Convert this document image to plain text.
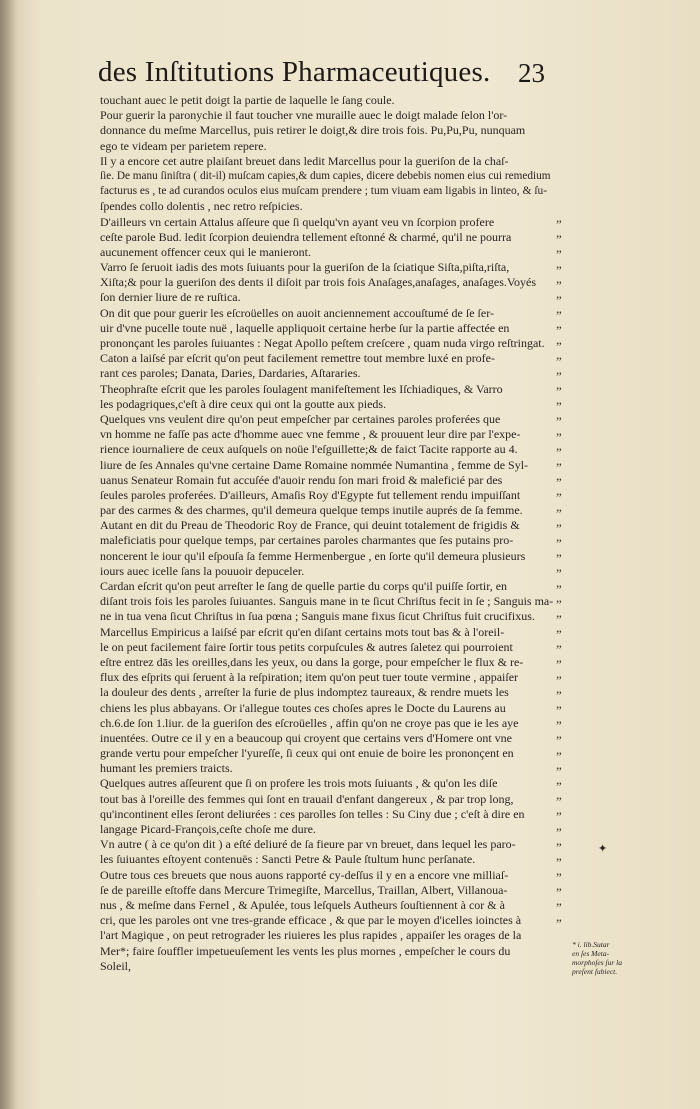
des Inſtitutions Pharmaceutiques. 23
touchant auec le petit doigt la partie de laquelle le ſang coule.
Pour guerir la paronychie il faut toucher vne muraille auec le doigt malade ſelon l'or-
donnance du meſme Marcellus, puis retirer le doigt,& dire trois fois. Pu,Pu,Pu, nunquam
ego te videam per parietem repere.
Il y a encore cet autre plaiſant breuet dans ledit Marcellus pour la gueriſon de la chaſ-
ſie. De manu ſiniſtra ( dit-il) muſcam capies,& dum capies, dicere debebis nomen eius cui remedium
facturus es , te ad curandos oculos eius muſcam prendere ; tum viuam eam ligabis in linteo, & ſu-
ſpendes collo dolentis , nec retro reſpicies.
D'ailleurs vn certain Attalus aſſeure que ſi quelqu'vn ayant veu vn ſcorpion profere
ceſte parole Bud. ledit ſcorpion deuiendra tellement eſtonné & charmé, qu'il ne pourra
aucunement offencer ceux qui le manieront.
Varro ſe ſeruoit iadis des mots ſuiuants pour la gueriſon de la ſciatique Siſta,piſta,riſta,
Xiſta;& pour la gueriſon des dents il diſoit par trois fois Anaſages,anaſages, anaſages.Voyés
ſon dernier liure de re ruſtica.
On dit que pour guerir les eſcroüelles on auoit anciennement accouſtumé de ſe ſer-
uir d'vne pucelle toute nuë , laquelle appliquoit certaine herbe ſur la partie affectée en
prononçant les paroles ſuiuantes : Negat Apollo peſtem creſcere , quam nuda virgo reſtringat.
Caton a laiſsé par eſcrit qu'on peut facilement remettre tout membre luxé en profe-
rant ces paroles; Danata, Daries, Dardaries, Aſtararies.
Theophraſte eſcrit que les paroles ſoulagent manifeſtement les Iſchiadiques, & Varro
les podagriques,c'eſt à dire ceux qui ont la goutte aux pieds.
Quelques vns veulent dire qu'on peut empeſcher par certaines paroles proferées que
vn homme ne faſſe pas acte d'homme auec vne femme , & prouuent leur dire par l'expe-
rience iournaliere de ceux auſquels on noüe l'eſguillette;& de faict Tacite rapporte au 4.
liure de ſes Annales qu'vne certaine Dame Romaine nommée Numantina , femme de Syl-
uanus Senateur Romain fut accuſée d'auoir rendu ſon mari froid & maleficié par des
ſeules paroles proferées. D'ailleurs, Amaſis Roy d'Egypte fut tellement rendu impuiſſant
par des carmes & des charmes, qu'il demeura quelque temps inutile auprés de ſa femme.
Autant en dit du Preau de Theodoric Roy de France, qui deuint totalement de frigidis &
maleficiatis pour quelque temps, par certaines paroles charmantes que ſes putains pro-
noncerent le iour qu'il eſpouſa ſa femme Hermenbergue , en ſorte qu'il demeura plusieurs
iours auec icelle ſans la pouuoir depuceler.
Cardan eſcrit qu'on peut arreſter le ſang de quelle partie du corps qu'il puiſſe ſortir, en
diſant trois fois les paroles ſuiuantes. Sanguis mane in te ſicut Chriſtus fecit in ſe ; Sanguis ma-
ne in tua vena ſicut Chriſtus in ſua pœna ; Sanguis mane fixus ſicut Chriſtus fuit crucifixus.
Marcellus Empiricus a laiſsé par eſcrit qu'en diſant certains mots tout bas & à l'oreil-
le on peut facilement faire ſortir tous petits corpuſcules & autres ſaletez qui pourroient
eſtre entrez dās les oreilles,dans les yeux, ou dans la gorge, pour empeſcher le flux & re-
flux des eſprits qui ſeruent à la reſpiration; item qu'on peut tuer toute vermine , appaiſer
la douleur des dents , arreſter la furie de plus indomptez taureaux, & rendre muets les
chiens les plus abbayans. Or i'allegue toutes ces choſes apres le Docte du Laurens au
ch.6.de ſon 1.liur. de la gueriſon des eſcroüelles , affin qu'on ne croye pas que ie les aye
inuentées. Outre ce il y en a beaucoup qui croyent que certains vers d'Homere ont vne
grande vertu pour empeſcher l'yureſſe, ſi ceux qui ont enuie de boire les prononçent en
humant les premiers traicts.
Quelques autres aſſeurent que ſi on profere les trois mots ſuiuants , & qu'on les diſe
tout bas à l'oreille des femmes qui ſont en trauail d'enfant dangereux , & par trop long,
qu'incontinent elles ſeront deliurées : ces parolles ſon telles : Su Ciny due ; c'eſt à dire en
langage Picard-François,ceſte choſe me dure.
Vn autre ( à ce qu'on dit ) a eſté deliuré de ſa fieure par vn breuet, dans lequel les paro-
les ſuiuantes eſtoyent contenuës : Sancti Petre & Paule ſtultum hunc perſanate.
Outre tous ces breuets que nous auons rapporté cy-deſſus il y en a encore vne milliaſ-
ſe de pareille eſtoffe dans Mercure Trimegiſte, Marcellus, Traillan, Albert, Villanoua-
nus , & meſme dans Fernel , & Apulée, tous leſquels Autheurs ſouſtiennent à cor & à
cri, que les paroles ont vne tres-grande efficace , & que par le moyen d'icelles ioinctes à
l'art Magique , on peut retrograder les riuieres les plus rapides , appaiſer les orages de la
Mer*; faire ſouffler impetueuſement les vents les plus mornes , empeſcher le cours du
Soleil,
„
„
„
„
„
„
„
„
„
„
„
„
„
„
„
„
„
„
„
„
„
„
„
„
„
„
„
„
„
„
„
„
„
„
„
„
„
„
„
„
„
„
„
„
„
„
„
* i. lib.Sutar
en ſes Meta-
morphoſes ſur la
preſent ſubiect.
✦
